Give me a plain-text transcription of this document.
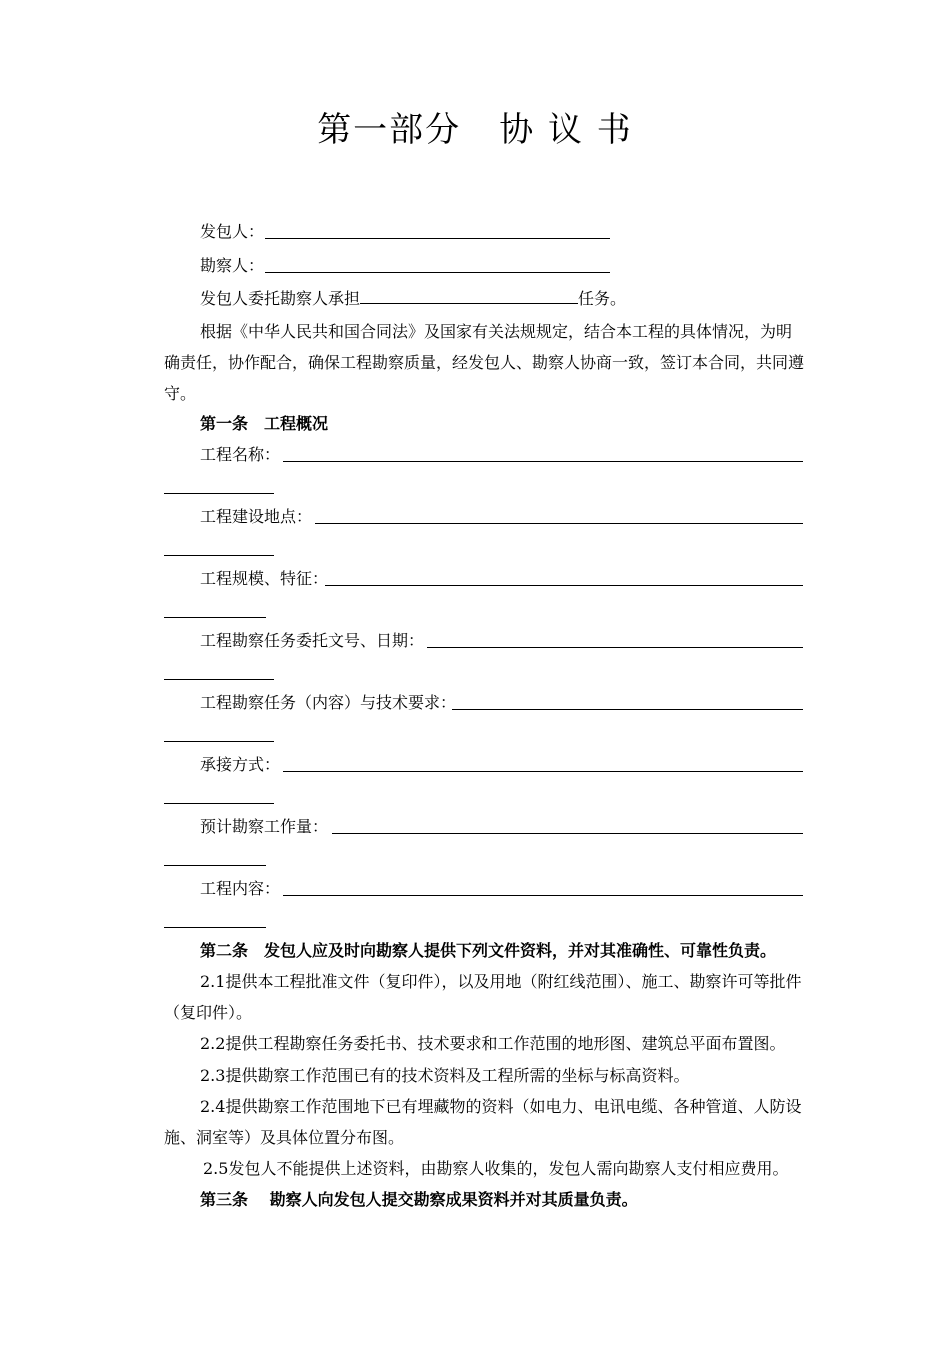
第一部分 协 议 书
发包人：
勘察人：
发包人委托勘察人承担	任务。
根据《中华人民共和国合同法》及国家有关法规规定，结合本工程的具体情况，为明
确责任，协作配合，确保工程勘察质量，经发包人、勘察人协商一致，签订本合同，共同遵
守。
第一条　工程概况
工程名称：
工程建设地点：
工程规模、特征：
工程勘察任务委托文号、日期：
工程勘察任务（内容）与技术要求：
承接方式：
预计勘察工作量：
工程内容：
第二条　发包人应及时向勘察人提供下列文件资料，并对其准确性、可靠性负责。
2.1提供本工程批准文件（复印件），以及用地（附红线范围）、施工、勘察许可等批件
（复印件）。
2.2提供工程勘察任务委托书、技术要求和工作范围的地形图、建筑总平面布置图。
2.3提供勘察工作范围已有的技术资料及工程所需的坐标与标高资料。
2.4提供勘察工作范围地下已有埋藏物的资料（如电力、电讯电缆、各种管道、人防设
施、洞室等）及具体位置分布图。
2.5发包人不能提供上述资料，由勘察人收集的，发包人需向勘察人支付相应费用。
第三条　 勘察人向发包人提交勘察成果资料并对其质量负责。
